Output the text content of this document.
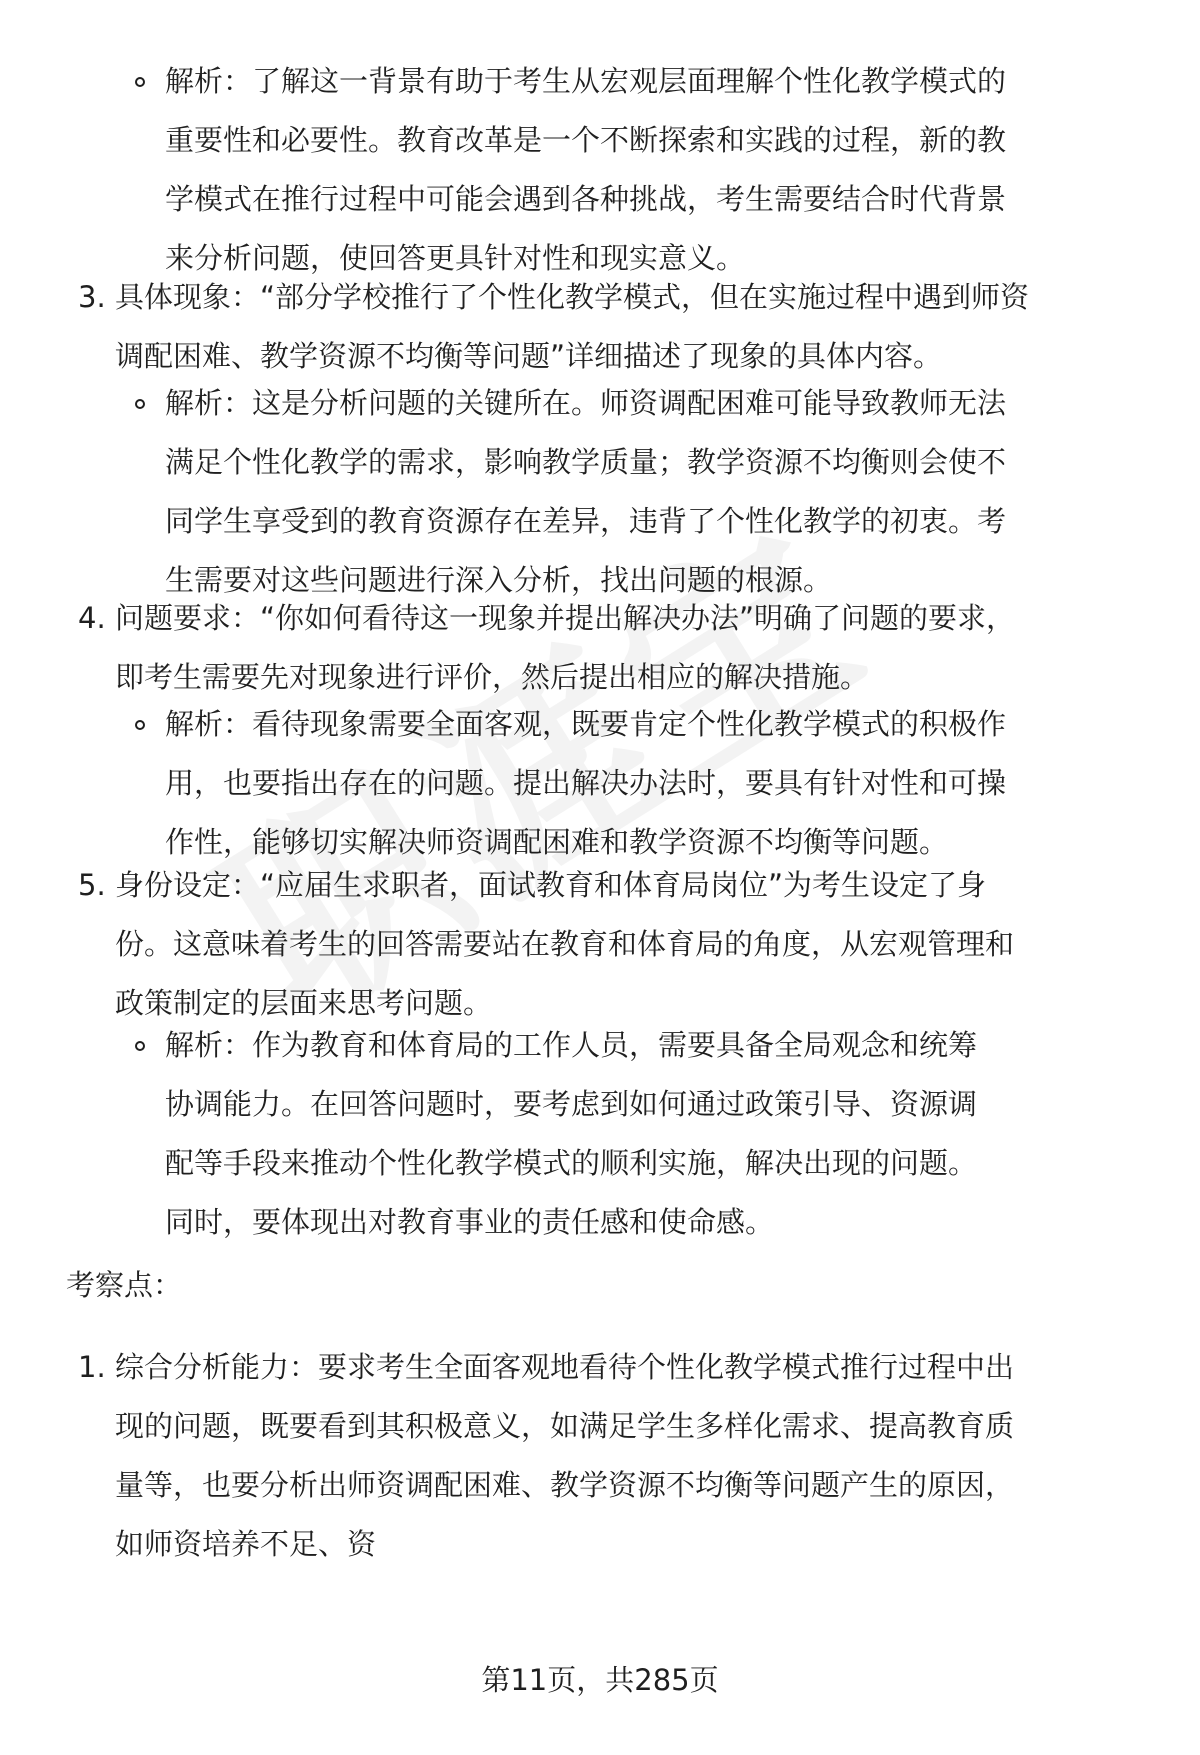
解析：了解这一背景有助于考生从宏观层面理解个性化教学模式的重要性和必要性。教育改革是一个不断探索和实践的过程，新的教学模式在推行过程中可能会遇到各种挑战，考生需要结合时代背景来分析问题，使回答更具针对性和现实意义。
3. 具体现象：“部分学校推行了个性化教学模式，但在实施过程中遇到师资调配困难、教学资源不均衡等问题”详细描述了现象的具体内容。
解析：这是分析问题的关键所在。师资调配困难可能导致教师无法满足个性化教学的需求，影响教学质量；教学资源不均衡则会使不同学生享受到的教育资源存在差异，违背了个性化教学的初衷。考生需要对这些问题进行深入分析，找出问题的根源。
4. 问题要求：“你如何看待这一现象并提出解决办法”明确了问题的要求，即考生需要先对现象进行评价，然后提出相应的解决措施。
解析：看待现象需要全面客观，既要肯定个性化教学模式的积极作用，也要指出存在的问题。提出解决办法时，要具有针对性和可操作性，能够切实解决师资调配困难和教学资源不均衡等问题。
5. 身份设定：“应届生求职者，面试教育和体育局岗位”为考生设定了身份。这意味着考生的回答需要站在教育和体育局的角度，从宏观管理和政策制定的层面来思考问题。
解析：作为教育和体育局的工作人员，需要具备全局观念和统筹协调能力。在回答问题时，要考虑到如何通过政策引导、资源调配等手段来推动个性化教学模式的顺利实施，解决出现的问题。同时，要体现出对教育事业的责任感和使命感。
考察点：
1. 综合分析能力：要求考生全面客观地看待个性化教学模式推行过程中出现的问题，既要看到其积极意义，如满足学生多样化需求、提高教育质量等，也要分析出师资调配困难、教学资源不均衡等问题产生的原因，如师资培养不足、资
第11页，共285页
